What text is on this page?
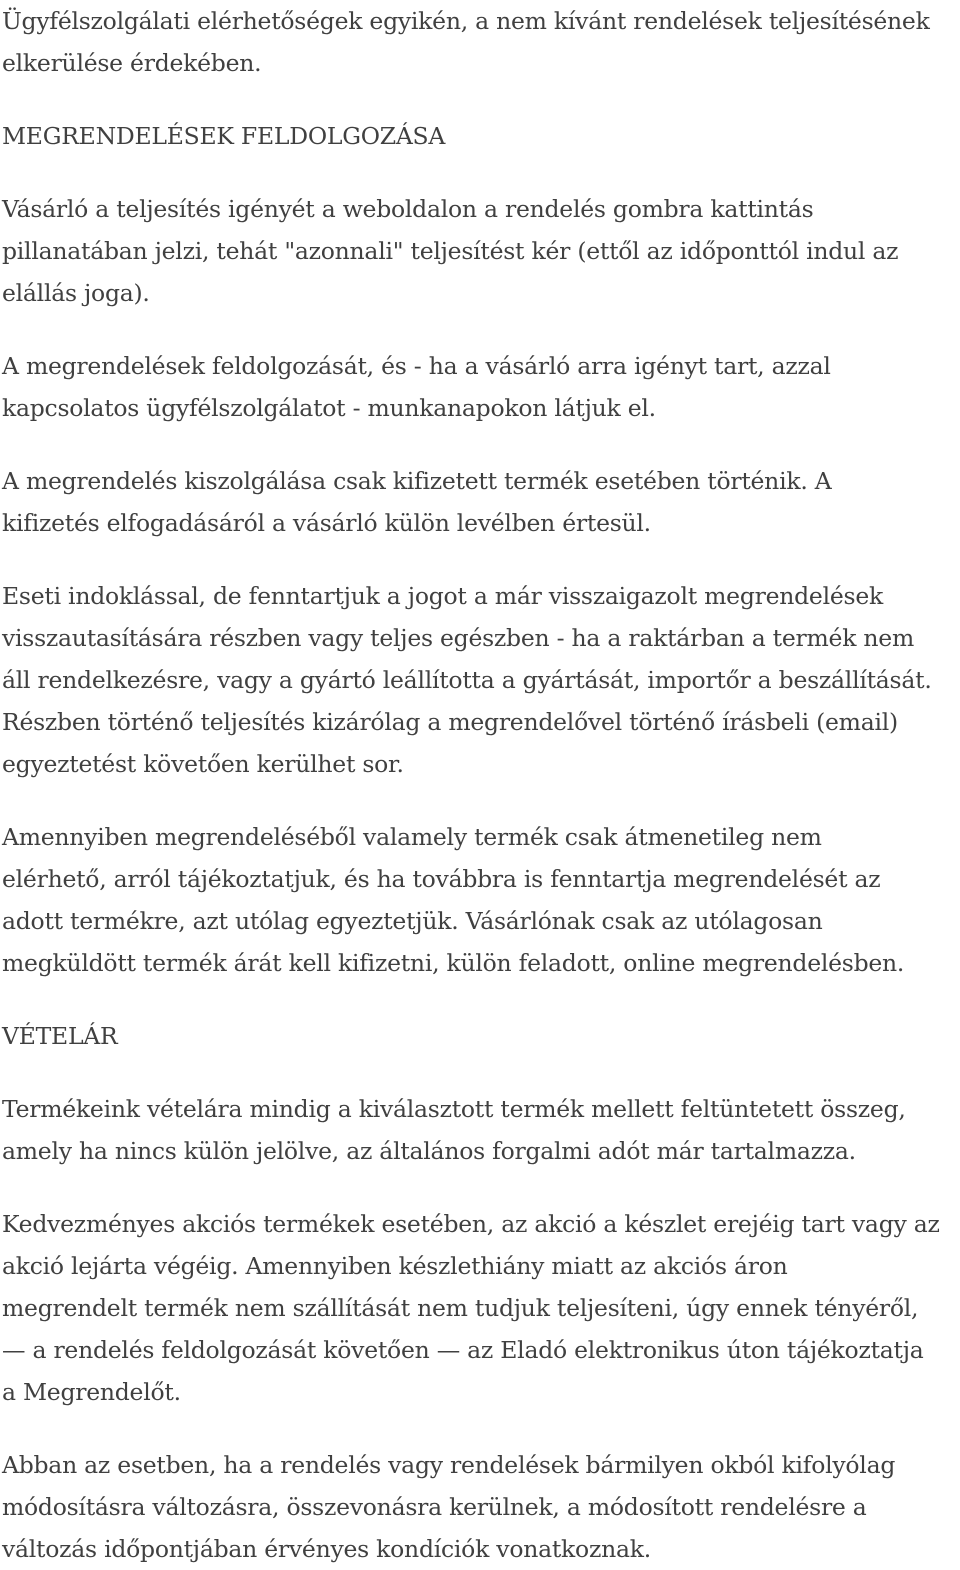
Ügyfélszolgálati elérhetőségek egyikén, a nem kívánt rendelések teljesítésének
elkerülése érdekében.

MEGRENDELÉSEK FELDOLGOZÁSA

Vásárló a teljesítés igényét a weboldalon a rendelés gombra kattintás
pillanatában jelzi, tehát "azonnali" teljesítést kér (ettől az időponttól indul az
elállás joga).

A megrendelések feldolgozását, és - ha a vásárló arra igényt tart, azzal
kapcsolatos ügyfélszolgálatot - munkanapokon látjuk el.

A megrendelés kiszolgálása csak kifizetett termék esetében történik. A
kifizetés elfogadásáról a vásárló külön levélben értesül.

Eseti indoklással, de fenntartjuk a jogot a már visszaigazolt megrendelések
visszautasítására részben vagy teljes egészben - ha a raktárban a termék nem
áll rendelkezésre, vagy a gyártó leállította a gyártását, importőr a beszállítását.
Részben történő teljesítés kizárólag a megrendelővel történő írásbeli (email)
egyeztetést követően kerülhet sor.

Amennyiben megrendeléséből valamely termék csak átmenetileg nem
elérhető, arról tájékoztatjuk, és ha továbbra is fenntartja megrendelését az
adott termékre, azt utólag egyeztetjük. Vásárlónak csak az utólagosan
megküldött termék árát kell kifizetni, külön feladott, online megrendelésben.

VÉTELÁR

Termékeink vételára mindig a kiválasztott termék mellett feltüntetett összeg,
amely ha nincs külön jelölve, az általános forgalmi adót már tartalmazza.

Kedvezményes akciós termékek esetében, az akció a készlet erejéig tart vagy az
akció lejárta végéig. Amennyiben készlethiány miatt az akciós áron
megrendelt termék nem szállítását nem tudjuk teljesíteni, úgy ennek tényéről,
— a rendelés feldolgozását követően — az Eladó elektronikus úton tájékoztatja
a Megrendelőt.

Abban az esetben, ha a rendelés vagy rendelések bármilyen okból kifolyólag
módosításra változásra, összevonásra kerülnek, a módosított rendelésre a
változás időpontjában érvényes kondíciók vonatkoznak.
